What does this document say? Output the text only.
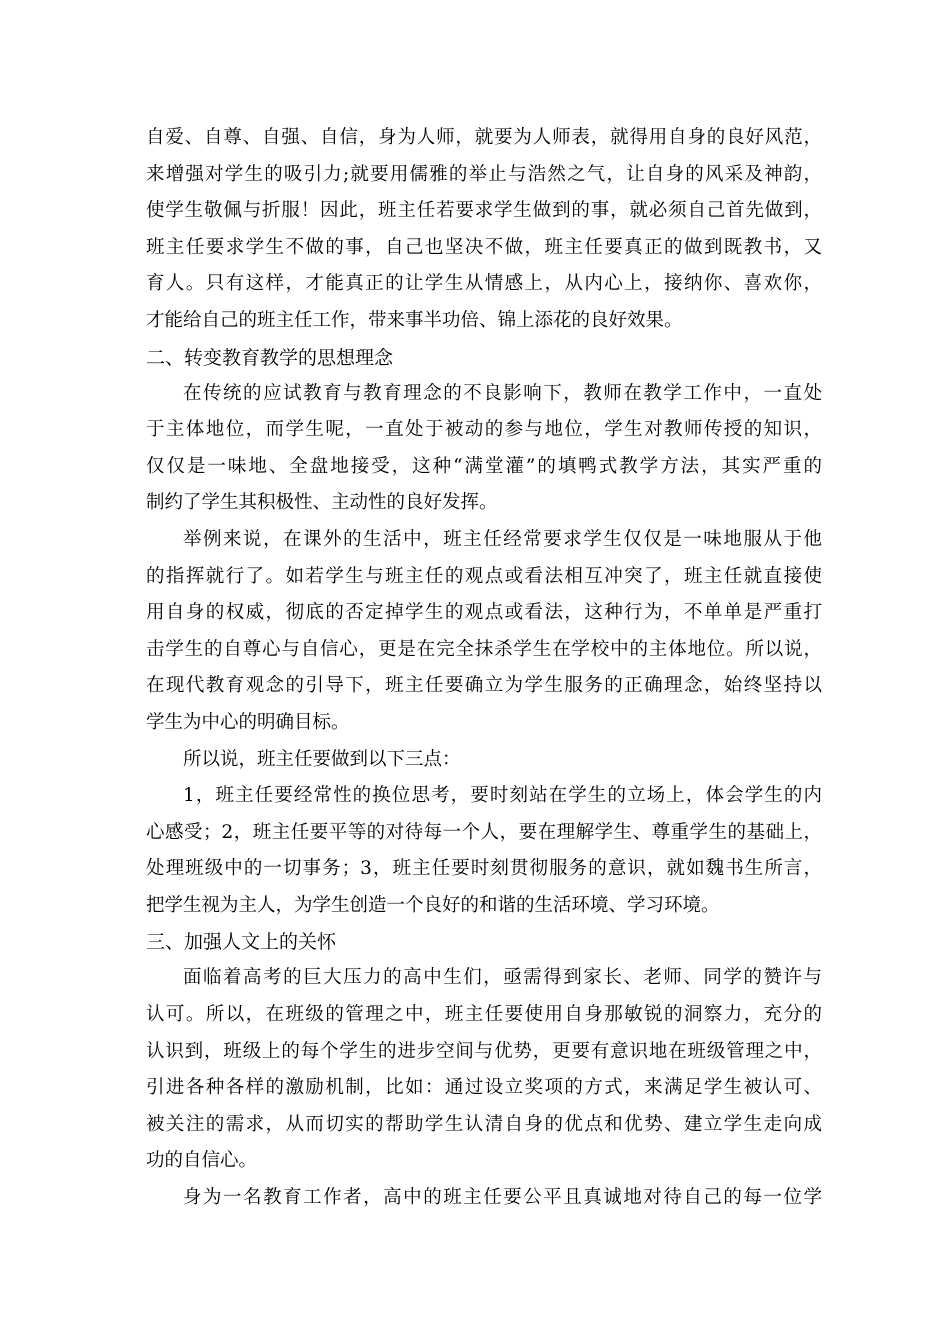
自爱、自尊、自强、自信，身为人师，就要为人师表，就得用自身的良好风范，
来增强对学生的吸引力;就要用儒雅的举止与浩然之气，让自身的风采及神韵，
使学生敬佩与折服！因此，班主任若要求学生做到的事，就必须自己首先做到，
班主任要求学生不做的事，自己也坚决不做，班主任要真正的做到既教书，又
育人。只有这样，才能真正的让学生从情感上，从内心上，接纳你、喜欢你，
才能给自己的班主任工作，带来事半功倍、锦上添花的良好效果。
二、转变教育教学的思想理念
在传统的应试教育与教育理念的不良影响下，教师在教学工作中，一直处
于主体地位，而学生呢，一直处于被动的参与地位，学生对教师传授的知识，
仅仅是一味地、全盘地接受，这种“满堂灌”的填鸭式教学方法，其实严重的
制约了学生其积极性、主动性的良好发挥。
举例来说，在课外的生活中，班主任经常要求学生仅仅是一味地服从于他
的指挥就行了。如若学生与班主任的观点或看法相互冲突了，班主任就直接使
用自身的权威，彻底的否定掉学生的观点或看法，这种行为，不单单是严重打
击学生的自尊心与自信心，更是在完全抹杀学生在学校中的主体地位。所以说，
在现代教育观念的引导下，班主任要确立为学生服务的正确理念，始终坚持以
学生为中心的明确目标。
所以说，班主任要做到以下三点：
1，班主任要经常性的换位思考，要时刻站在学生的立场上，体会学生的内
心感受；2，班主任要平等的对待每一个人，要在理解学生、尊重学生的基础上，
处理班级中的一切事务；3，班主任要时刻贯彻服务的意识，就如魏书生所言，
把学生视为主人，为学生创造一个良好的和谐的生活环境、学习环境。
三、加强人文上的关怀
面临着高考的巨大压力的高中生们，亟需得到家长、老师、同学的赞许与
认可。所以，在班级的管理之中，班主任要使用自身那敏锐的洞察力，充分的
认识到，班级上的每个学生的进步空间与优势，更要有意识地在班级管理之中，
引进各种各样的激励机制，比如：通过设立奖项的方式，来满足学生被认可、
被关注的需求，从而切实的帮助学生认清自身的优点和优势、建立学生走向成
功的自信心。
身为一名教育工作者，高中的班主任要公平且真诚地对待自己的每一位学
